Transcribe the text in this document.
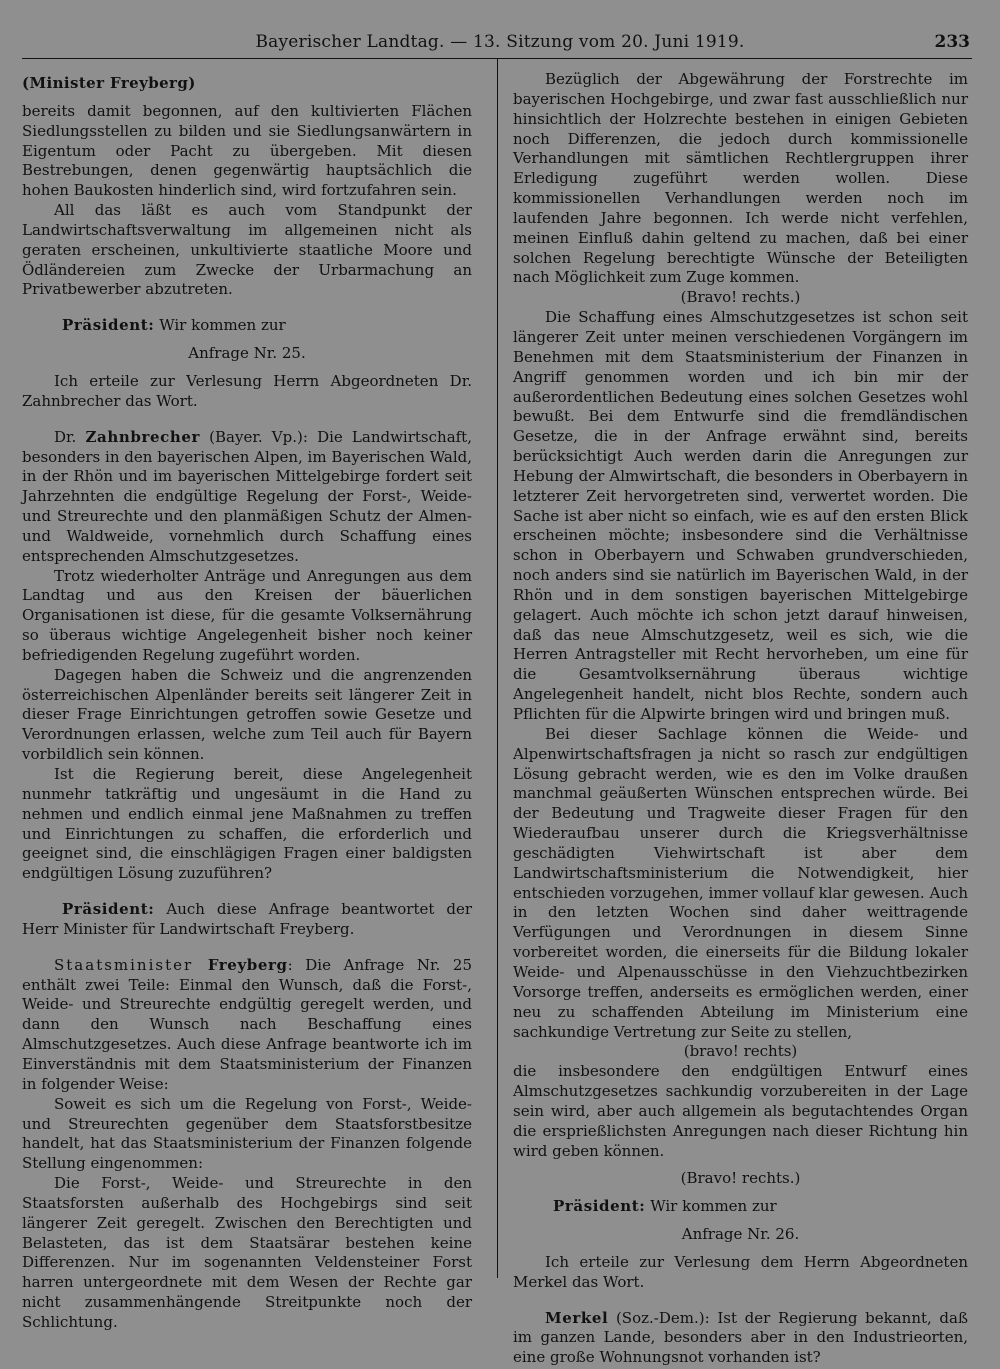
Bayerischer Landtag. — 13. Sitzung vom 20. Juni 1919.	233

(Minister Freyberg)

bereits damit begonnen, auf den kultivierten Flächen Siedlungsstellen zu bilden und sie Siedlungsanwärtern in Eigentum oder Pacht zu übergeben. Mit diesen Bestrebungen, denen gegenwärtig hauptsächlich die hohen Baukosten hinderlich sind, wird fortzufahren sein.

All das läßt es auch vom Standpunkt der Landwirtschaftsverwaltung im allgemeinen nicht als geraten erscheinen, unkultivierte staatliche Moore und Ödländereien zum Zwecke der Urbarmachung an Privatbewerber abzutreten.

Präsident: Wir kommen zur

Anfrage Nr. 25.

Ich erteile zur Verlesung Herrn Abgeordneten Dr. Zahnbrecher das Wort.

Dr. Zahnbrecher (Bayer. Vp.): Die Landwirtschaft, besonders in den bayerischen Alpen, im Bayerischen Wald, in der Rhön und im bayerischen Mittelgebirge fordert seit Jahrzehnten die endgültige Regelung der Forst-, Weide- und Streurechte und den planmäßigen Schutz der Almen- und Waldweide, vornehmlich durch Schaffung eines entsprechenden Almschutzgesetzes.

Trotz wiederholter Anträge und Anregungen aus dem Landtag und aus den Kreisen der bäuerlichen Organisationen ist diese, für die gesamte Volksernährung so überaus wichtige Angelegenheit bisher noch keiner befriedigenden Regelung zugeführt worden.

Dagegen haben die Schweiz und die angrenzenden österreichischen Alpenländer bereits seit längerer Zeit in dieser Frage Einrichtungen getroffen sowie Gesetze und Verordnungen erlassen, welche zum Teil auch für Bayern vorbildlich sein können.

Ist die Regierung bereit, diese Angelegenheit nunmehr tatkräftig und ungesäumt in die Hand zu nehmen und endlich einmal jene Maßnahmen zu treffen und Einrichtungen zu schaffen, die erforderlich und geeignet sind, die einschlägigen Fragen einer baldigsten endgültigen Lösung zuzuführen?

Präsident: Auch diese Anfrage beantwortet der Herr Minister für Landwirtschaft Freyberg.

Staatsminister Freyberg: Die Anfrage Nr. 25 enthält zwei Teile: Einmal den Wunsch, daß die Forst-, Weide- und Streurechte endgültig geregelt werden, und dann den Wunsch nach Beschaffung eines Almschutzgesetzes. Auch diese Anfrage beantworte ich im Einverständnis mit dem Staatsministerium der Finanzen in folgender Weise:

Soweit es sich um die Regelung von Forst-, Weide- und Streurechten gegenüber dem Staatsforstbesitze handelt, hat das Staatsministerium der Finanzen folgende Stellung eingenommen:

Die Forst-, Weide- und Streurechte in den Staatsforsten außerhalb des Hochgebirgs sind seit längerer Zeit geregelt. Zwischen den Berechtigten und Belasteten, das ist dem Staatsärar bestehen keine Differenzen. Nur im sogenannten Veldensteiner Forst harren untergeordnete mit dem Wesen der Rechte gar nicht zusammenhängende Streitpunkte noch der Schlichtung.

Bezüglich der Abgewährung der Forstrechte im bayerischen Hochgebirge, und zwar fast ausschließlich nur hinsichtlich der Holzrechte bestehen in einigen Gebieten noch Differenzen, die jedoch durch kommissionelle Verhandlungen mit sämtlichen Rechtlergruppen ihrer Erledigung zugeführt werden wollen. Diese kommissionellen Verhandlungen werden noch im laufenden Jahre begonnen. Ich werde nicht verfehlen, meinen Einfluß dahin geltend zu machen, daß bei einer solchen Regelung berechtigte Wünsche der Beteiligten nach Möglichkeit zum Zuge kommen.

(Bravo! rechts.)

Die Schaffung eines Almschutzgesetzes ist schon seit längerer Zeit unter meinen verschiedenen Vorgängern im Benehmen mit dem Staatsministerium der Finanzen in Angriff genommen worden und ich bin mir der außerordentlichen Bedeutung eines solchen Gesetzes wohl bewußt. Bei dem Entwurfe sind die fremdländischen Gesetze, die in der Anfrage erwähnt sind, bereits berücksichtigt Auch werden darin die Anregungen zur Hebung der Almwirtschaft, die besonders in Oberbayern in letzterer Zeit hervorgetreten sind, verwertet worden. Die Sache ist aber nicht so einfach, wie es auf den ersten Blick erscheinen möchte; insbesondere sind die Verhältnisse schon in Oberbayern und Schwaben grundverschieden, noch anders sind sie natürlich im Bayerischen Wald, in der Rhön und in dem sonstigen bayerischen Mittelgebirge gelagert. Auch möchte ich schon jetzt darauf hinweisen, daß das neue Almschutzgesetz, weil es sich, wie die Herren Antragsteller mit Recht hervorheben, um eine für die Gesamtvolksernährung überaus wichtige Angelegenheit handelt, nicht blos Rechte, sondern auch Pflichten für die Alpwirte bringen wird und bringen muß.

Bei dieser Sachlage können die Weide- und Alpenwirtschaftsfragen ja nicht so rasch zur endgültigen Lösung gebracht werden, wie es den im Volke draußen manchmal geäußerten Wünschen entsprechen würde. Bei der Bedeutung und Tragweite dieser Fragen für den Wiederaufbau unserer durch die Kriegsverhältnisse geschädigten Viehwirtschaft ist aber dem Landwirtschaftsministerium die Notwendigkeit, hier entschieden vorzugehen, immer vollauf klar gewesen. Auch in den letzten Wochen sind daher weittragende Verfügungen und Verordnungen in diesem Sinne vorbereitet worden, die einerseits für die Bildung lokaler Weide- und Alpenausschüsse in den Viehzuchtbezirken Vorsorge treffen, anderseits es ermöglichen werden, einer neu zu schaffenden Abteilung im Ministerium eine sachkundige Vertretung zur Seite zu stellen,

(bravo! rechts)

die insbesondere den endgültigen Entwurf eines Almschutzgesetzes sachkundig vorzubereiten in der Lage sein wird, aber auch allgemein als begutachtendes Organ die ersprießlichsten Anregungen nach dieser Richtung hin wird geben können.

(Bravo! rechts.)

Präsident: Wir kommen zur

Anfrage Nr. 26.

Ich erteile zur Verlesung dem Herrn Abgeordneten Merkel das Wort.

Merkel (Soz.-Dem.): Ist der Regierung bekannt, daß im ganzen Lande, besonders aber in den Industrieorten, eine große Wohnungsnot vorhanden ist?
